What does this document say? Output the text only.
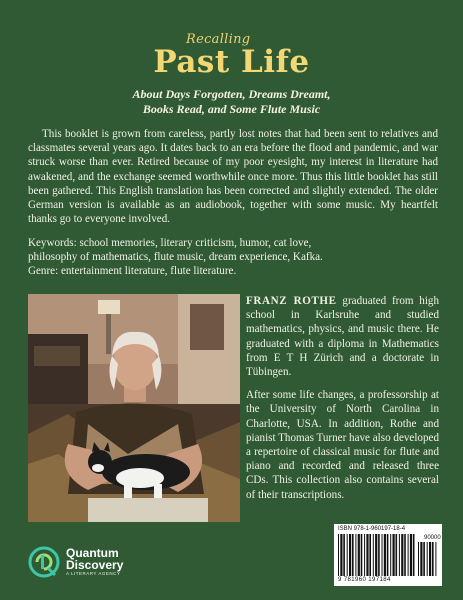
Recalling
Past Life
About Days Forgotten, Dreams Dreamt,
Books Read, and Some Flute Music

This booklet is grown from careless, partly lost notes that had been sent to relatives and classmates several years ago. It dates back to an era before the flood and pandemic, and war struck worse than ever. Retired because of my poor eyesight, my interest in literature had awakened, and the exchange seemed worthwhile once more. Thus this little booklet has still been gathered. This English translation has been corrected and slightly extended. The older German version is available as an audiobook, together with some music. My heartfelt thanks go to everyone involved.

Keywords: school memories, literary criticism, humor, cat love,
philosophy of mathematics, flute music, dream experience, Kafka.
Genre: entertainment literature, flute literature.

FRANZ ROTHE graduated from high school in Karlsruhe and studied mathematics, physics, and music there. He graduated with a diploma in Mathematics from E T H Zürich and a doctorate in Tübingen.

After some life changes, a professorship at the University of North Carolina in Charlotte, USA. In addition, Rothe and pianist Thomas Turner have also developed a repertoire of classical music for flute and piano and recorded and released three CDs. This collection also contains several of their transcriptions.

Quantum
Discovery
A LITERARY AGENCY
ISBN 978-1-960197-18-4
90000
9 781960 197184
